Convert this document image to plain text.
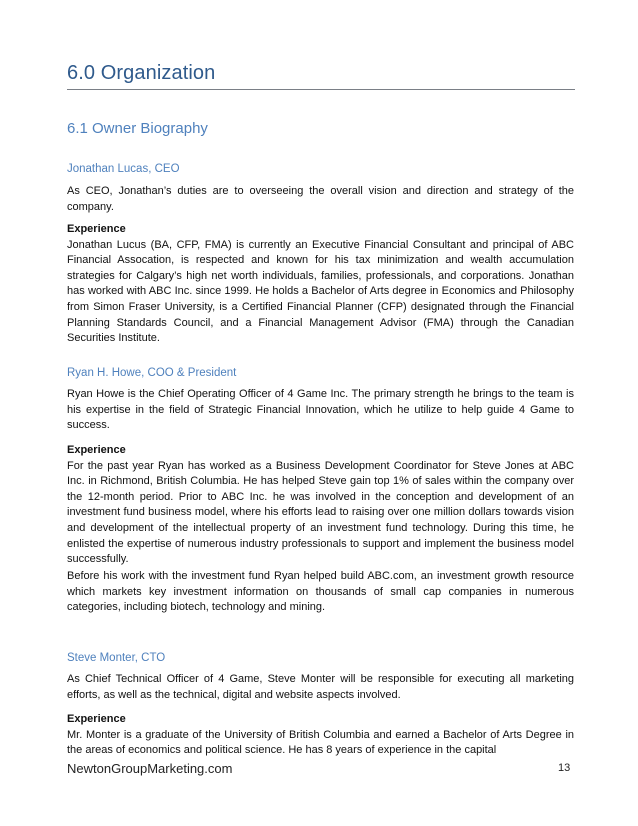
6.0 Organization
6.1 Owner Biography
Jonathan Lucas, CEO

As CEO, Jonathan’s duties are to overseeing the overall vision and direction and strategy of the company.

Experience
Jonathan Lucus (BA, CFP, FMA) is currently an Executive Financial Consultant and principal of ABC Financial Assocation, is respected and known for his tax minimization and wealth accumulation strategies for Calgary’s high net worth individuals, families, professionals, and corporations. Jonathan has worked with ABC Inc. since 1999. He holds a Bachelor of Arts degree in Economics and Philosophy from Simon Fraser University, is a Certified Financial Planner (CFP) designated through the Financial Planning Standards Council, and a Financial Management Advisor (FMA) through the Canadian Securities Institute.

Ryan H. Howe, COO & President

Ryan Howe is the Chief Operating Officer of 4 Game Inc. The primary strength he brings to the team is his expertise in the field of Strategic Financial Innovation, which he utilize to help guide 4 Game to success.

Experience
For the past year Ryan has worked as a Business Development Coordinator for Steve Jones at ABC Inc. in Richmond, British Columbia. He has helped Steve gain top 1% of sales within the company over the 12-month period. Prior to ABC Inc. he was involved in the conception and development of an investment fund business model, where his efforts lead to raising over one million dollars towards vision and development of the intellectual property of an investment fund technology. During this time, he enlisted the expertise of numerous industry professionals to support and implement the business model successfully.

Before his work with the investment fund Ryan helped build ABC.com, an investment growth resource which markets key investment information on thousands of small cap companies in numerous categories, including biotech, technology and mining.

Steve Monter, CTO

As Chief Technical Officer of 4 Game, Steve Monter will be responsible for executing all marketing efforts, as well as the technical, digital and website aspects involved.

Experience
Mr. Monter is a graduate of the University of British Columbia and earned a Bachelor of Arts Degree in the areas of economics and political science. He has 8 years of experience in the capital

NewtonGroupMarketing.com	13
